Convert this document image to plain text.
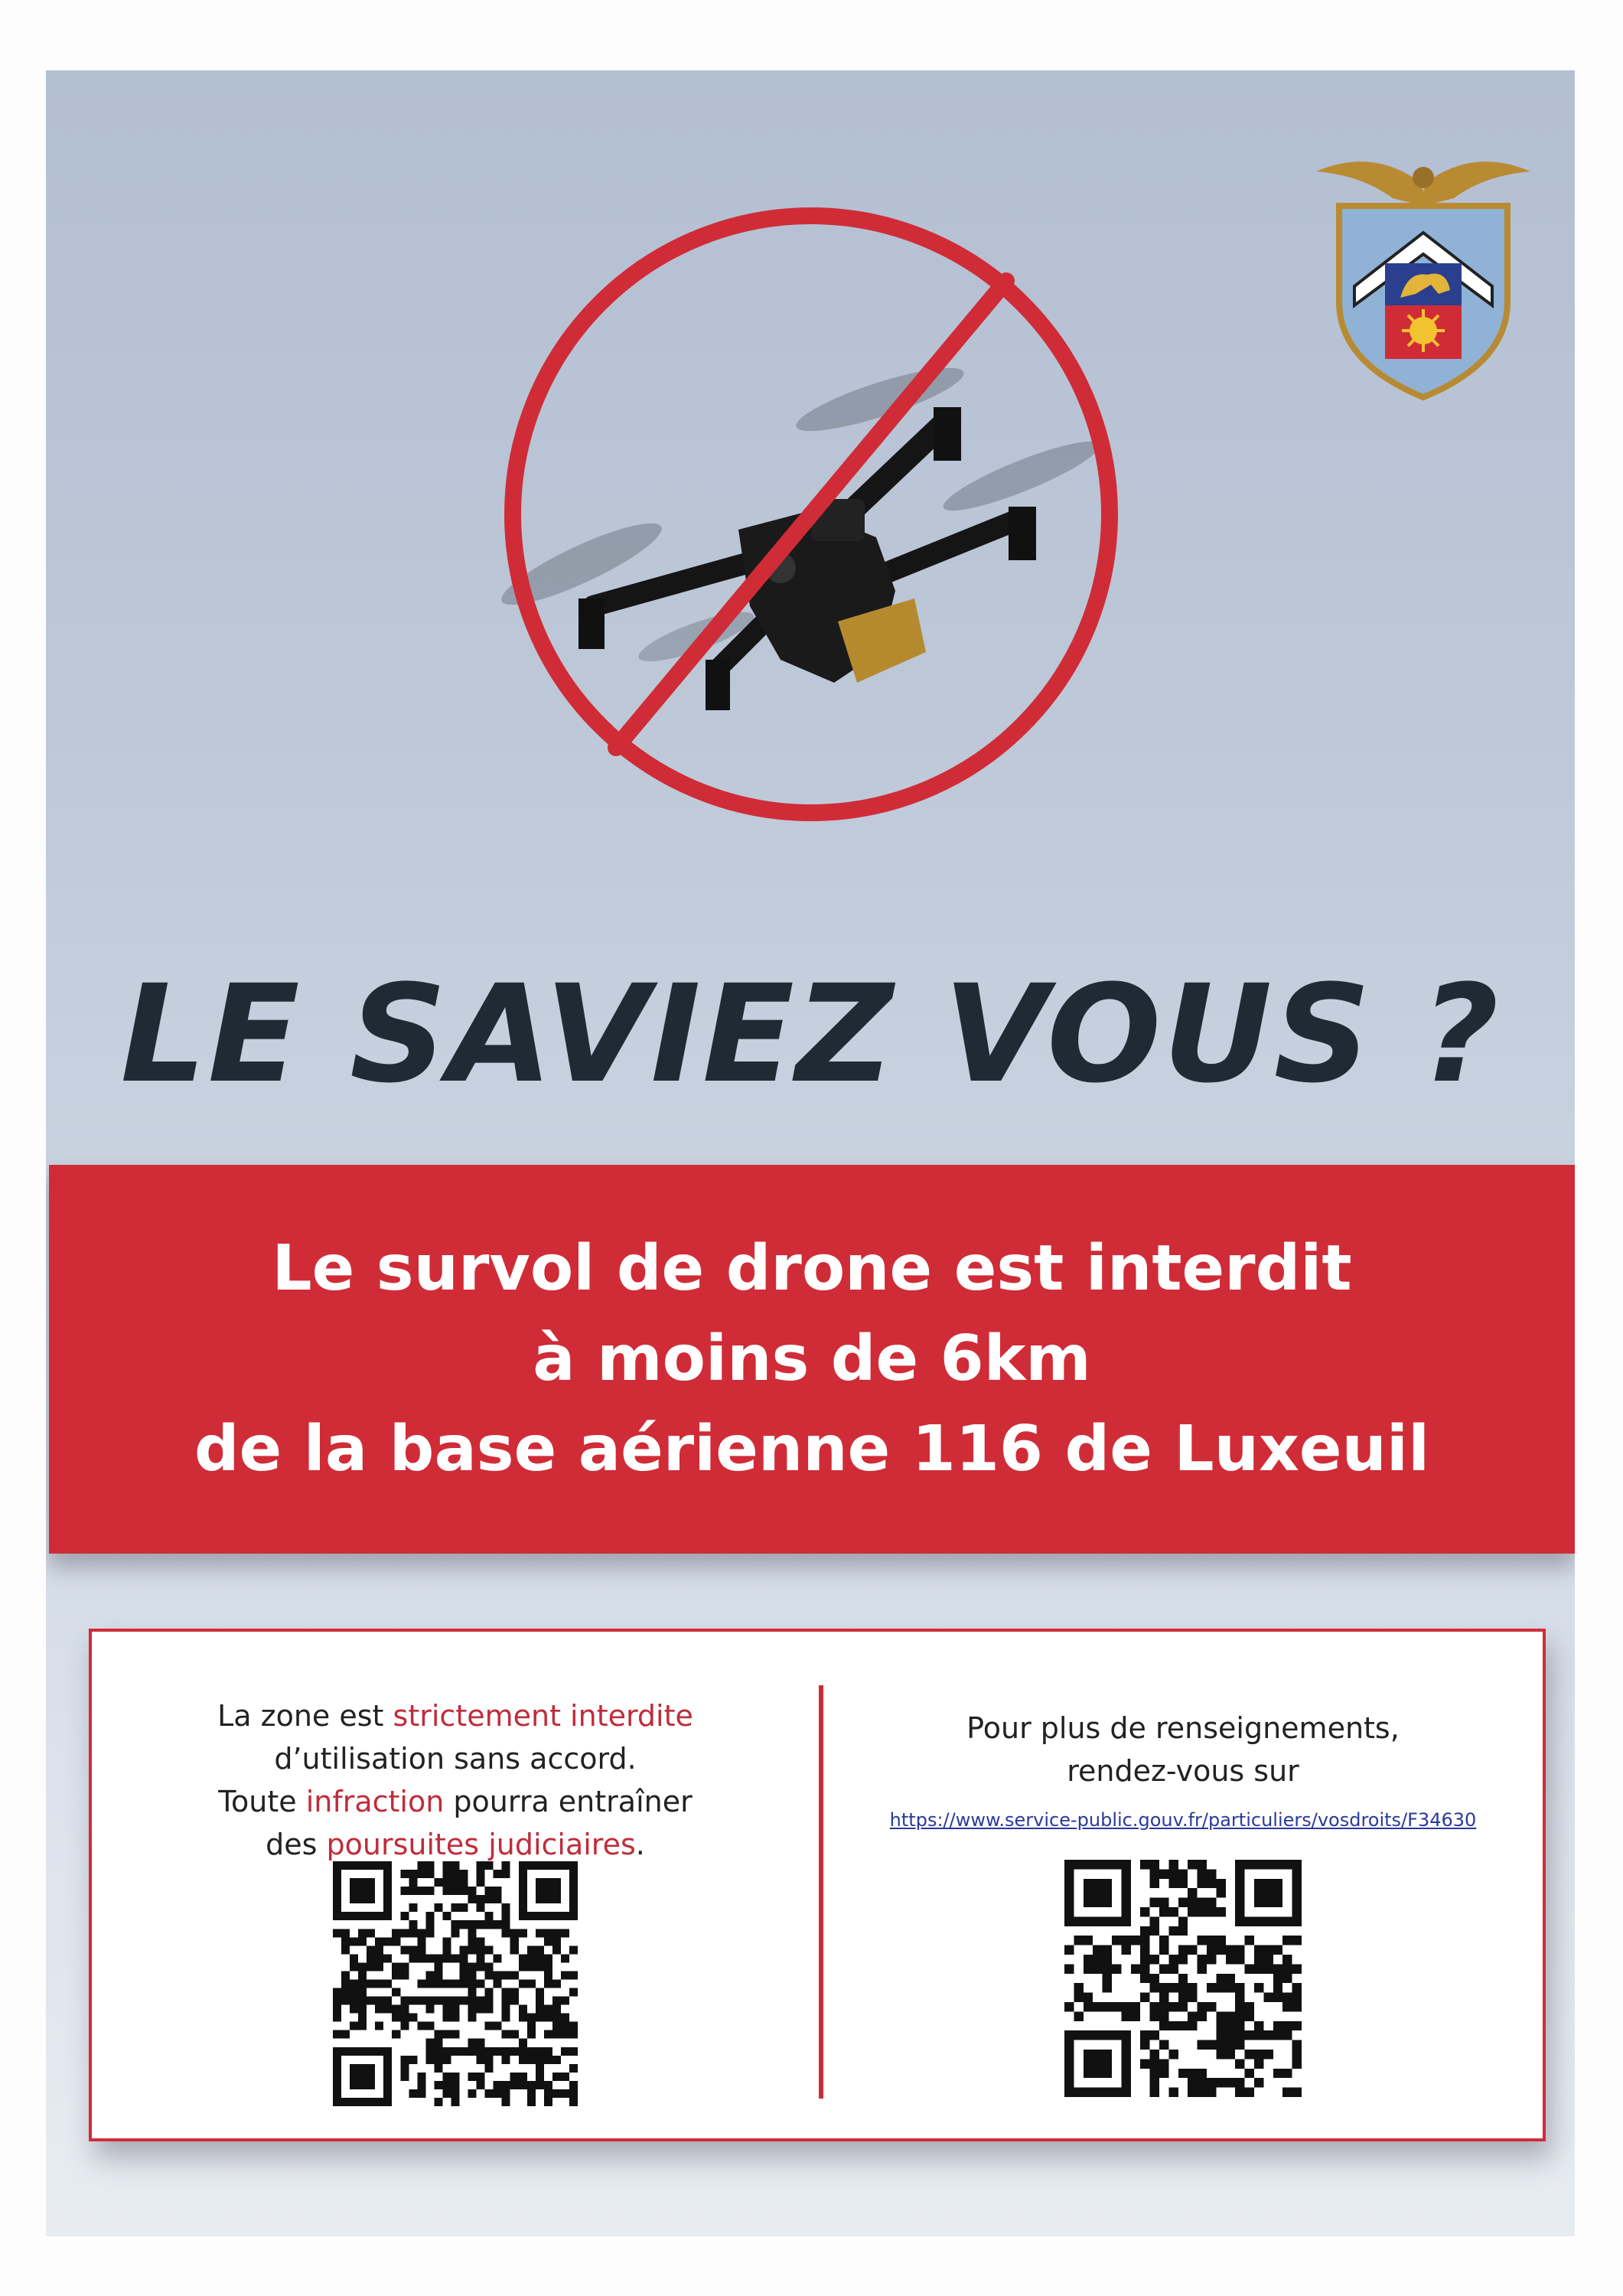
LE SAVIEZ VOUS ?

Le survol de drone est interdit

à moins de 6km

de la base aérienne 116 de Luxeuil

La zone est strictement interdite

d’utilisation sans accord.

Toute infraction pourra entraîner

des poursuites judiciaires.

Pour plus de renseignements,

rendez-vous sur

https://www.service-public.gouv.fr/particuliers/vosdroits/F34630
